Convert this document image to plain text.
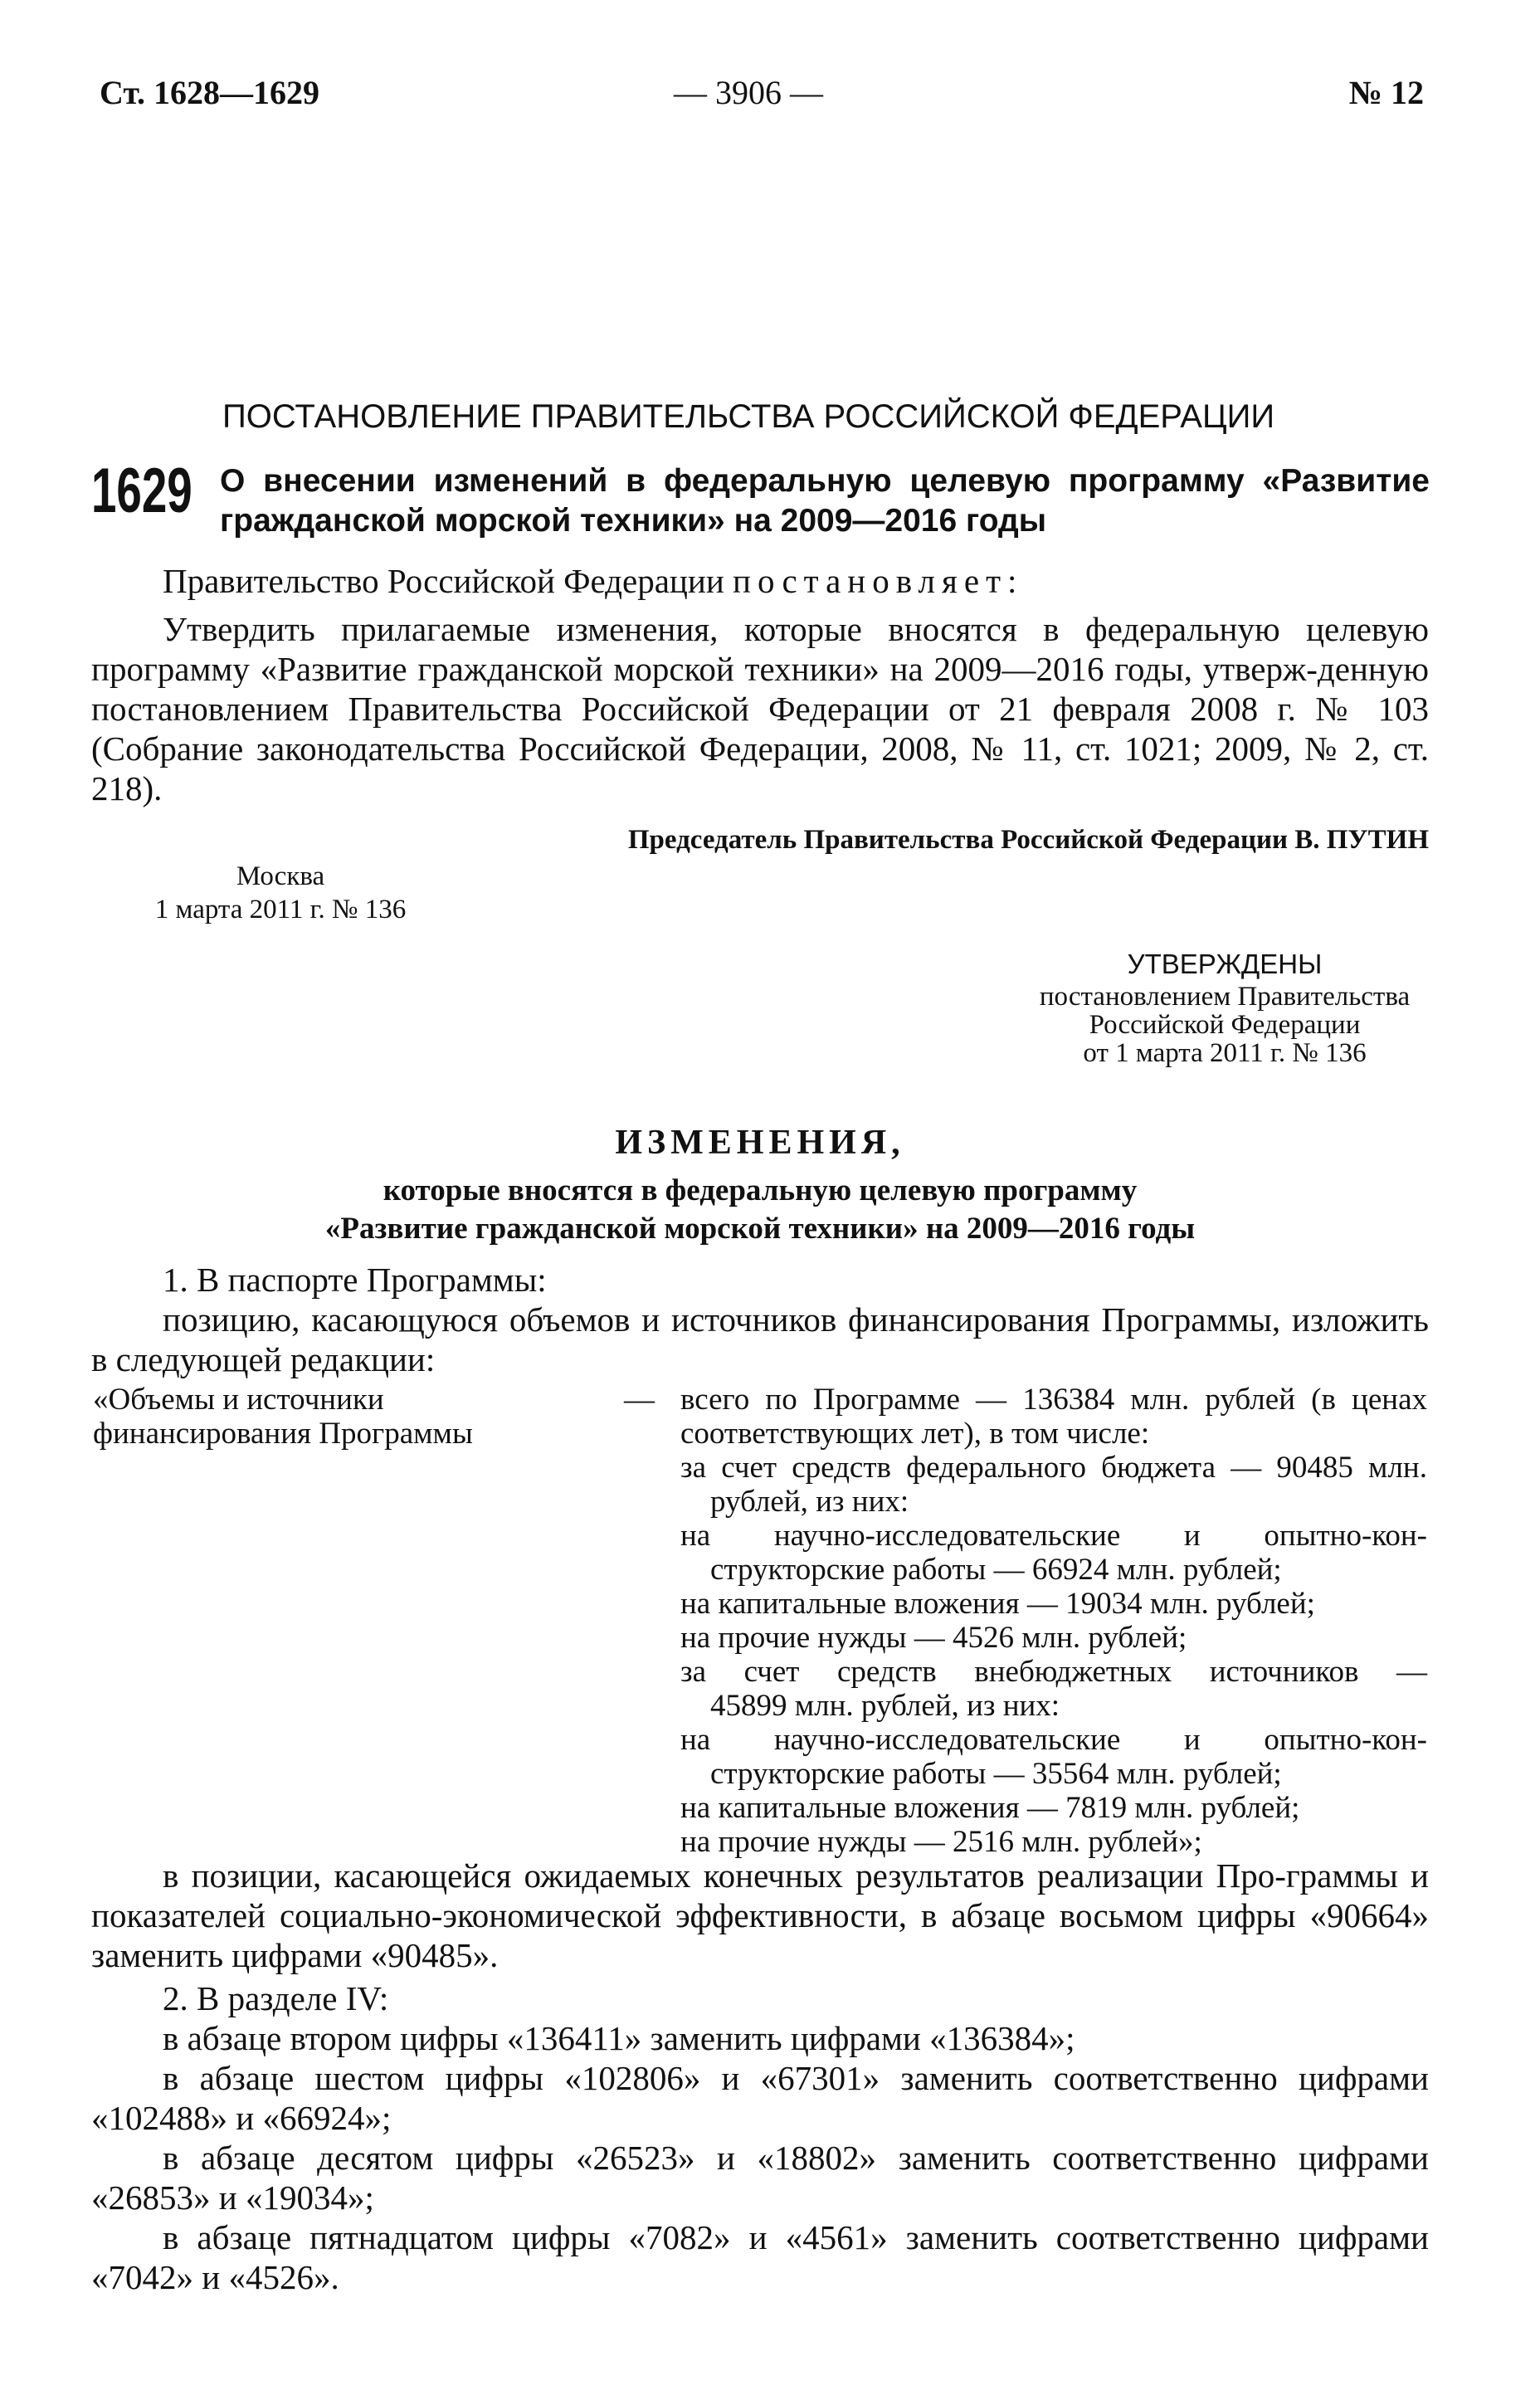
Ст. 1628—1629	— 3906 —	№ 12
ПОСТАНОВЛЕНИЕ ПРАВИТЕЛЬСТВА РОССИЙСКОЙ ФЕДЕРАЦИИ
1629 О внесении изменений в федеральную целевую программу «Развитие гражданской морской техники» на 2009—2016 годы

Правительство Российской Федерации постановляет:

Утвердить прилагаемые изменения, которые вносятся в федеральную целевую программу «Развитие гражданской морской техники» на 2009—2016 годы, утверж-денную постановлением Правительства Российской Федерации от 21 февраля 2008 г. № 103 (Собрание законодательства Российской Федерации, 2008, № 11, ст. 1021; 2009, № 2, ст. 218).

Председатель Правительства Российской Федерации В. ПУТИН
Москва
1 марта 2011 г. № 136
УТВЕРЖДЕНЫ
постановлением Правительства
Российской Федерации
от 1 марта 2011 г. № 136
ИЗМЕНЕНИЯ,
которые вносятся в федеральную целевую программу
«Развитие гражданской морской техники» на 2009—2016 годы

1. В паспорте Программы:

позицию, касающуюся объемов и источников финансирования Программы, изложить в следующей редакции:

«Объемы и источники финансирования Программы
— всего по Программе — 136384 млн. рублей (в ценах
соответствующих лет), в том числе:
за счет средств федерального бюджета — 90485 млн.
рублей, из них:
на научно-исследовательские и опытно-кон-
структорские работы — 66924 млн. рублей;
на капитальные вложения — 19034 млн. рублей;
на прочие нужды — 4526 млн. рублей;
за счет средств внебюджетных источников —
45899 млн. рублей, из них:
на научно-исследовательские и опытно-кон-
структорские работы — 35564 млн. рублей;
на капитальные вложения — 7819 млн. рублей;
на прочие нужды — 2516 млн. рублей»;

в позиции, касающейся ожидаемых конечных результатов реализации Про-граммы и показателей социально-экономической эффективности, в абзаце восьмом цифры «90664» заменить цифрами «90485».

2. В разделе IV:

в абзаце втором цифры «136411» заменить цифрами «136384»;

в абзаце шестом цифры «102806» и «67301» заменить соответственно цифрами «102488» и «66924»;

в абзаце десятом цифры «26523» и «18802» заменить соответственно цифрами «26853» и «19034»;

в абзаце пятнадцатом цифры «7082» и «4561» заменить соответственно цифрами «7042» и «4526».
